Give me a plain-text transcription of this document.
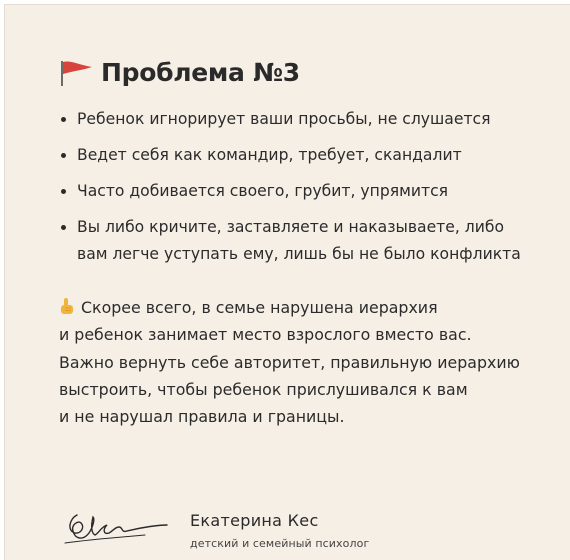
Проблема №3
Ребенок игнорирует ваши просьбы, не слушается
Ведет себя как командир, требует, скандалит
Часто добивается своего, грубит, упрямится
Вы либо кричите, заставляете и наказываете, либо
вам легче уступать ему, лишь бы не было конфликта
Скорее всего, в семье нарушена иерархия
и ребенок занимает место взрослого вместо вас.
Важно вернуть себе авторитет, правильную иерархию
выстроить, чтобы ребенок прислушивался к вам
и не нарушал правила и границы.
Екатерина Кес
детский и семейный психолог
